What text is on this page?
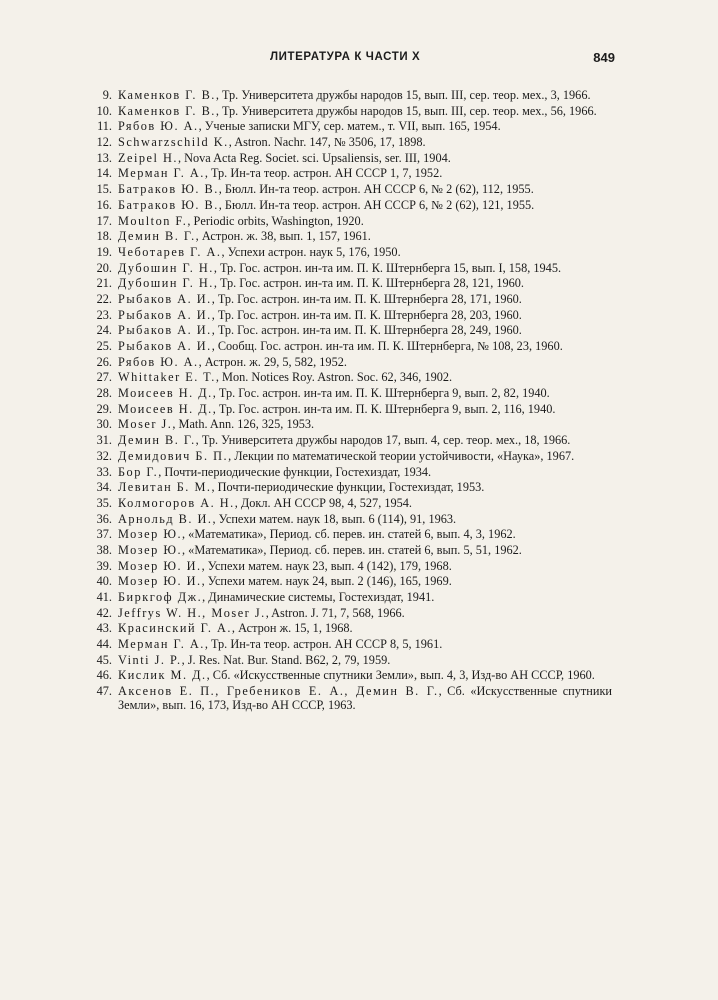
ЛИТЕРАТУРА К ЧАСТИ X	849
9. Каменков Г. В., Тр. Университета дружбы народов 15, вып. III, сер. теор. мех., 3, 1966.
10. Каменков Г. В., Тр. Университета дружбы народов 15, вып. III, сер. теор. мех., 56, 1966.
11. Рябов Ю. А., Ученые записки МГУ, сер. матем., т. VII, вып. 165, 1954.
12. Schwarzschild K., Astron. Nachr. 147, № 3506, 17, 1898.
13. Zeipel H., Nova Acta Reg. Societ. sci. Upsaliensis, ser. III, 1904.
14. Мерман Г. А., Тр. Ин-та теор. астрон. АН СССР 1, 7, 1952.
15. Батраков Ю. В., Бюлл. Ин-та теор. астрон. АН СССР 6, № 2 (62), 112, 1955.
16. Батраков Ю. В., Бюлл. Ин-та теор. астрон. АН СССР 6, № 2 (62), 121, 1955.
17. Moulton F., Periodic orbits, Washington, 1920.
18. Демин В. Г., Астрон. ж. 38, вып. 1, 157, 1961.
19. Чеботарев Г. А., Успехи астрон. наук 5, 176, 1950.
20. Дубошин Г. Н., Тр. Гос. астрон. ин-та им. П. К. Штернберга 15, вып. I, 158, 1945.
21. Дубошин Г. Н., Тр. Гос. астрон. ин-та им. П. К. Штернберга 28, 121, 1960.
22. Рыбаков А. И., Тр. Гос. астрон. ин-та им. П. К. Штернберга 28, 171, 1960.
23. Рыбаков А. И., Тр. Гос. астрон. ин-та им. П. К. Штернберга 28, 203, 1960.
24. Рыбаков А. И., Тр. Гос. астрон. ин-та им. П. К. Штернберга 28, 249, 1960.
25. Рыбаков А. И., Сообщ. Гос. астрон. ин-та им. П. К. Штернберга, № 108, 23, 1960.
26. Рябов Ю. А., Астрон. ж. 29, 5, 582, 1952.
27. Whittaker E. T., Mon. Notices Roy. Astron. Soc. 62, 346, 1902.
28. Моисеев Н. Д., Тр. Гос. астрон. ин-та им. П. К. Штернберга 9, вып. 2, 82, 1940.
29. Моисеев Н. Д., Тр. Гос. астрон. ин-та им. П. К. Штернберга 9, вып. 2, 116, 1940.
30. Moser J., Math. Ann. 126, 325, 1953.
31. Демин В. Г., Тр. Университета дружбы народов 17, вып. 4, сер. теор. мех., 18, 1966.
32. Демидович Б. П., Лекции по математической теории устойчивости, «Наука», 1967.
33. Бор Г., Почти-периодические функции, Гостехиздат, 1934.
34. Левитан Б. М., Почти-периодические функции, Гостехиздат, 1953.
35. Колмогоров А. Н., Докл. АН СССР 98, 4, 527, 1954.
36. Арнольд В. И., Успехи матем. наук 18, вып. 6 (114), 91, 1963.
37. Мозер Ю., «Математика», Период. сб. перев. ин. статей 6, вып. 4, 3, 1962.
38. Мозер Ю., «Математика», Период. сб. перев. ин. статей 6, вып. 5, 51, 1962.
39. Мозер Ю. И., Успехи матем. наук 23, вып. 4 (142), 179, 1968.
40. Мозер Ю. И., Успехи матем. наук 24, вып. 2 (146), 165, 1969.
41. Биркгоф Дж., Динамические системы, Гостехиздат, 1941.
42. Jeffrys W. H., Moser J., Astron. J. 71, 7, 568, 1966.
43. Красинский Г. А., Астрон ж. 15, 1, 1968.
44. Мерман Г. А., Тр. Ин-та теор. астрон. АН СССР 8, 5, 1961.
45. Vinti J. P., J. Res. Nat. Bur. Stand. B62, 2, 79, 1959.
46. Кислик М. Д., Сб. «Искусственные спутники Земли», вып. 4, 3, Изд-во АН СССР, 1960.
47. Аксенов Е. П., Гребеников Е. А., Демин В. Г., Сб. «Искусственные спутники Земли», вып. 16, 173, Изд-во АН СССР, 1963.
